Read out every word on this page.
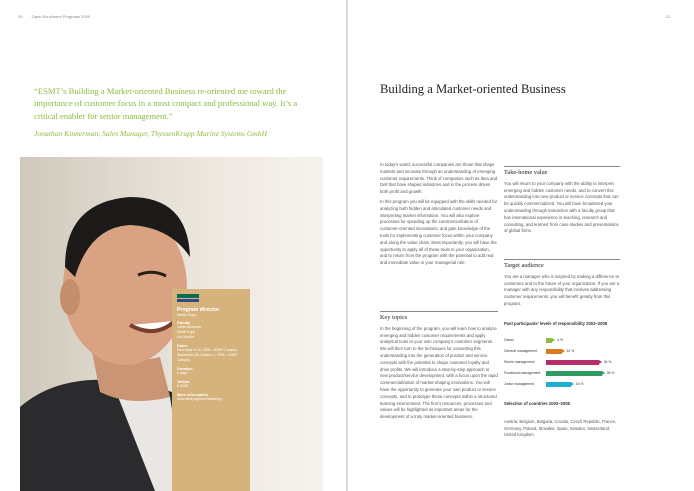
20 Open Enrollment Programs 2009

“ESMT’s Building a Market-oriented Business re-oriented me toward the importance of customer focus in a most compact and professional way. It’s a critical enabler for senior management.”

Jonathan Kinnerman, Sales Manager, ThyssenKrupp Marine Systems GmbH
Program director
Martin Kupp
Faculty
Jamie Anderson
Martin Kupp
Urs Mueller
Dates
November 9–11, 2008 – ESMT Campus
September 28–October 1, 2009 – ESMT Campus
Duration
4 days
Tuition
€ 4,900
More information
www.esmt.org/bmo/marketing
21
Building a Market-oriented Business

In today’s world, successful companies are those that shape markets and innovate through an understanding of emerging customer requirements. Think of companies such as Ikea and Dell that have shaped industries and in the process driven both profit and growth.

In this program you will be equipped with the skills needed for analyzing both hidden and articulated customer needs and interpreting market information. You will also explore processes for speeding up the commercialization of customer-oriented innovations, and gain knowledge of the tools for implementing customer focus within your company and along the value chain. Most importantly, you will have the opportunity to apply all of these tools to your organization, and to return from the program with the potential to add real and immediate value in your managerial role.

Key topics

In the beginning of the program, you will learn how to analyze emerging and hidden customer requirements and apply analytical tools to your own company’s customer segments. We will then turn to the techniques for converting this understanding into the generation of product and service concepts with the potential to shape customer loyalty and drive profits. We will introduce a step-by-step approach to new product/service development, with a focus upon the rapid commercialization of market-shaping innovations. You will have the opportunity to generate your own product or service concepts, and to prototype these concepts within a structured learning environment. The firm’s resources, processes and values will be highlighted as important areas for the development of a truly market-oriented business.

Take-home value

You will return to your company with the ability to interpret emerging and hidden customer needs, and to convert this understanding into new product or service concepts that can be quickly commercialized. You will have broadened your understanding through interaction with a faculty group that has international experience in teaching, research and consulting, and learned from case studies and presentations of global firms.

Target audience

You are a manager who is inspired by making a difference to customers and to the future of your organization. If you are a manager with any responsibility that involves addressing customer requirements, you will benefit greatly from this program.

Past participants’ levels of responsibility 2003–2008
Owner	4 %
General management	10 %
Senior management	34 %
Functional management	36 %
Junior management	16 %
Selection of countries 2003–2008
Austria, Belgium, Bulgaria, Croatia, Czech Republic, France, Germany, Poland, Slovakia, Spain, Sweden, Switzerland, United Kingdom
